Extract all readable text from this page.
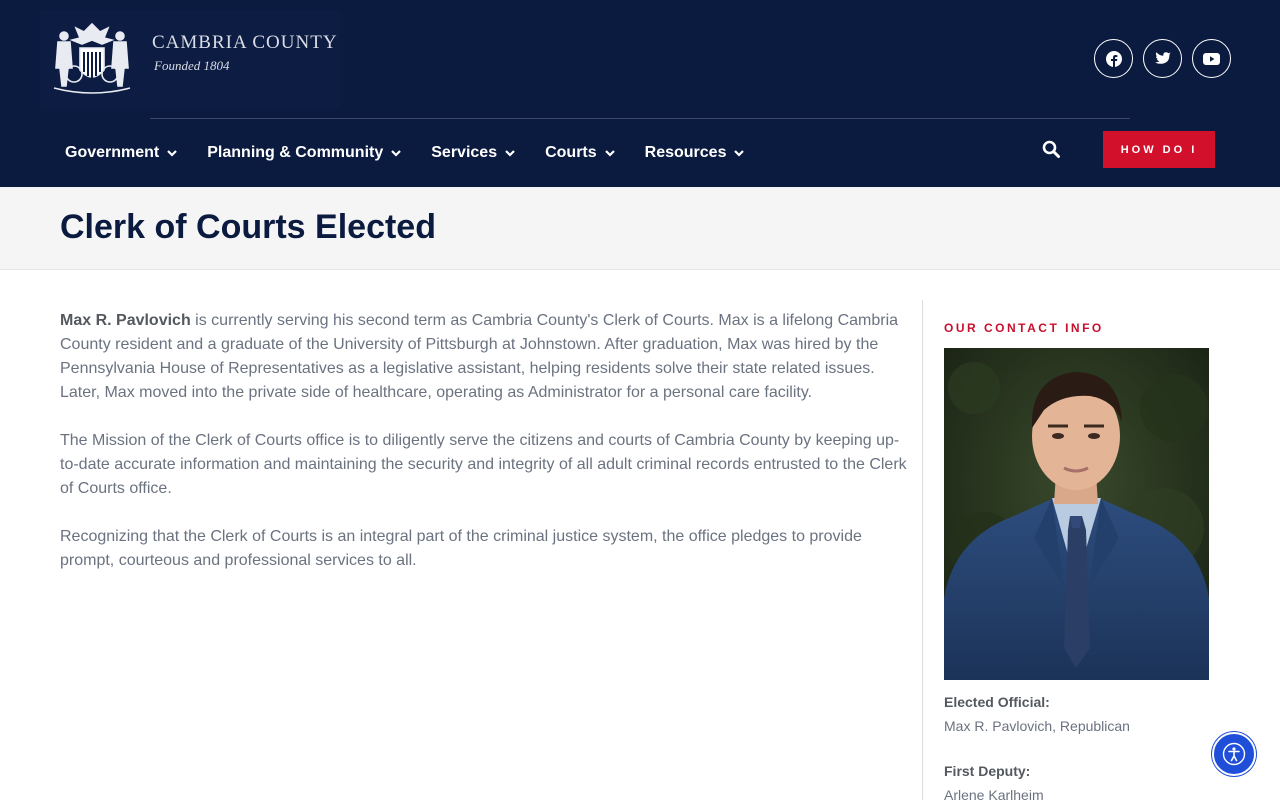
CAMBRIA COUNTY
Founded 1804
Government	Planning & Community	Services	Courts	Resources	HOW DO I
Clerk of Courts Elected

Max R. Pavlovich is currently serving his second term as Cambria County's Clerk of Courts. Max is a lifelong Cambria County resident and a graduate of the University of Pittsburgh at Johnstown. After graduation, Max was hired by the Pennsylvania House of Representatives as a legislative assistant, helping residents solve their state related issues. Later, Max moved into the private side of healthcare, operating as Administrator for a personal care facility.

The Mission of the Clerk of Courts office is to diligently serve the citizens and courts of Cambria County by keeping up-to-date accurate information and maintaining the security and integrity of all adult criminal records entrusted to the Clerk of Courts office.

Recognizing that the Clerk of Courts is an integral part of the criminal justice system, the office pledges to provide prompt, courteous and professional services to all.

OUR CONTACT INFO
Elected Official:
Max R. Pavlovich, Republican
First Deputy:
Arlene Karlheim
